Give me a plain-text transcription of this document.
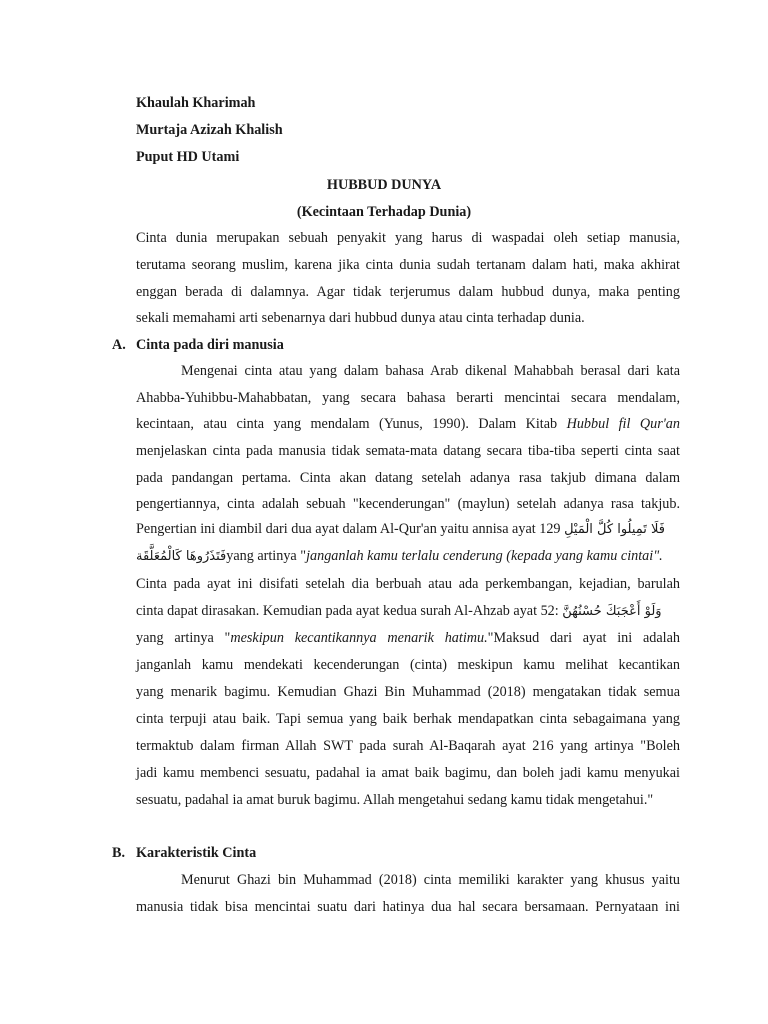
Khaulah Kharimah
Murtaja Azizah Khalish
Puput HD Utami
HUBBUD DUNYA
(Kecintaan Terhadap Dunia)
Cinta dunia merupakan sebuah penyakit yang harus di waspadai oleh setiap manusia,
terutama seorang muslim, karena jika cinta dunia sudah tertanam dalam hati, maka akhirat
enggan berada di dalamnya. Agar tidak terjerumus dalam hubbud dunya, maka penting
sekali memahami arti sebenarnya dari hubbud dunya atau cinta terhadap dunia.
A. Cinta pada diri manusia
Mengenai cinta atau yang dalam bahasa Arab dikenal Mahabbah berasal dari kata
Ahabba-Yuhibbu-Mahabbatan, yang secara bahasa berarti mencintai secara mendalam,
kecintaan, atau cinta yang mendalam (Yunus, 1990). Dalam Kitab Hubbul fil Qur'an
menjelaskan cinta pada manusia tidak semata-mata datang secara tiba-tiba seperti cinta saat
pada pandangan pertama. Cinta akan datang setelah adanya rasa takjub dimana dalam
pengertiannya, cinta adalah sebuah "kecenderungan" (maylun) setelah adanya rasa takjub.
Pengertian ini diambil dari dua ayat dalam Al-Qur'an yaitu annisa ayat 129 فَلَا تَمِيلُوا كُلَّ الْمَيْلِ
فَتَذَرُوهَا كَالْمُعَلَّقَةyang artinya "janganlah kamu terlalu cenderung (kepada yang kamu cintai".
Cinta pada ayat ini disifati setelah dia berbuah atau ada perkembangan, kejadian, barulah
cinta dapat dirasakan. Kemudian pada ayat kedua surah Al-Ahzab ayat 52: وَلَوْ أَعْجَبَكَ حُسْنُهُنَّ
yang artinya "meskipun kecantikannya menarik hatimu."Maksud dari ayat ini adalah
janganlah kamu mendekati kecenderungan (cinta) meskipun kamu melihat kecantikan
yang menarik bagimu. Kemudian Ghazi Bin Muhammad (2018) mengatakan tidak semua
cinta terpuji atau baik. Tapi semua yang baik berhak mendapatkan cinta sebagaimana yang
termaktub dalam firman Allah SWT pada surah Al-Baqarah ayat 216 yang artinya "Boleh
jadi kamu membenci sesuatu, padahal ia amat baik bagimu, dan boleh jadi kamu menyukai
sesuatu, padahal ia amat buruk bagimu. Allah mengetahui sedang kamu tidak mengetahui."
B. Karakteristik Cinta
Menurut Ghazi bin Muhammad (2018) cinta memiliki karakter yang khusus yaitu
manusia tidak bisa mencintai suatu dari hatinya dua hal secara bersamaan. Pernyataan ini
